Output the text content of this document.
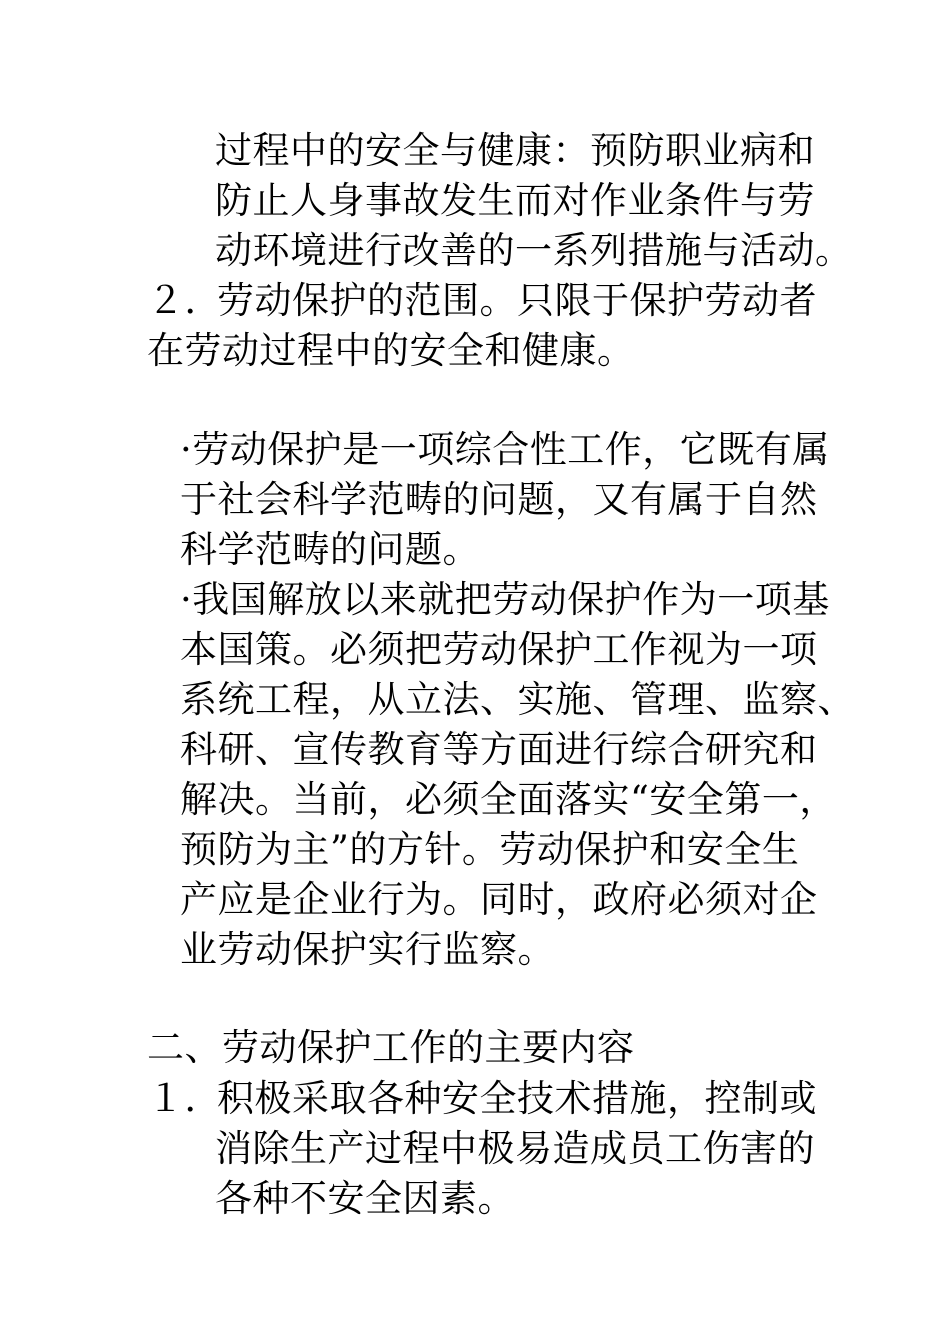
过程中的安全与健康：预防职业病和
防止人身事故发生而对作业条件与劳
动环境进行改善的一系列措施与活动。
２．劳动保护的范围。只限于保护劳动者
在劳动过程中的安全和健康。
·劳动保护是一项综合性工作，它既有属
于社会科学范畴的问题，又有属于自然
科学范畴的问题。
·我国解放以来就把劳动保护作为一项基
本国策。必须把劳动保护工作视为一项
系统工程，从立法、实施、管理、监察、
科研、宣传教育等方面进行综合研究和
解决。当前，必须全面落实“安全第一，
预防为主”的方针。劳动保护和安全生
产应是企业行为。同时，政府必须对企
业劳动保护实行监察。
二、劳动保护工作的主要内容
１．积极采取各种安全技术措施，控制或
消除生产过程中极易造成员工伤害的
各种不安全因素。
